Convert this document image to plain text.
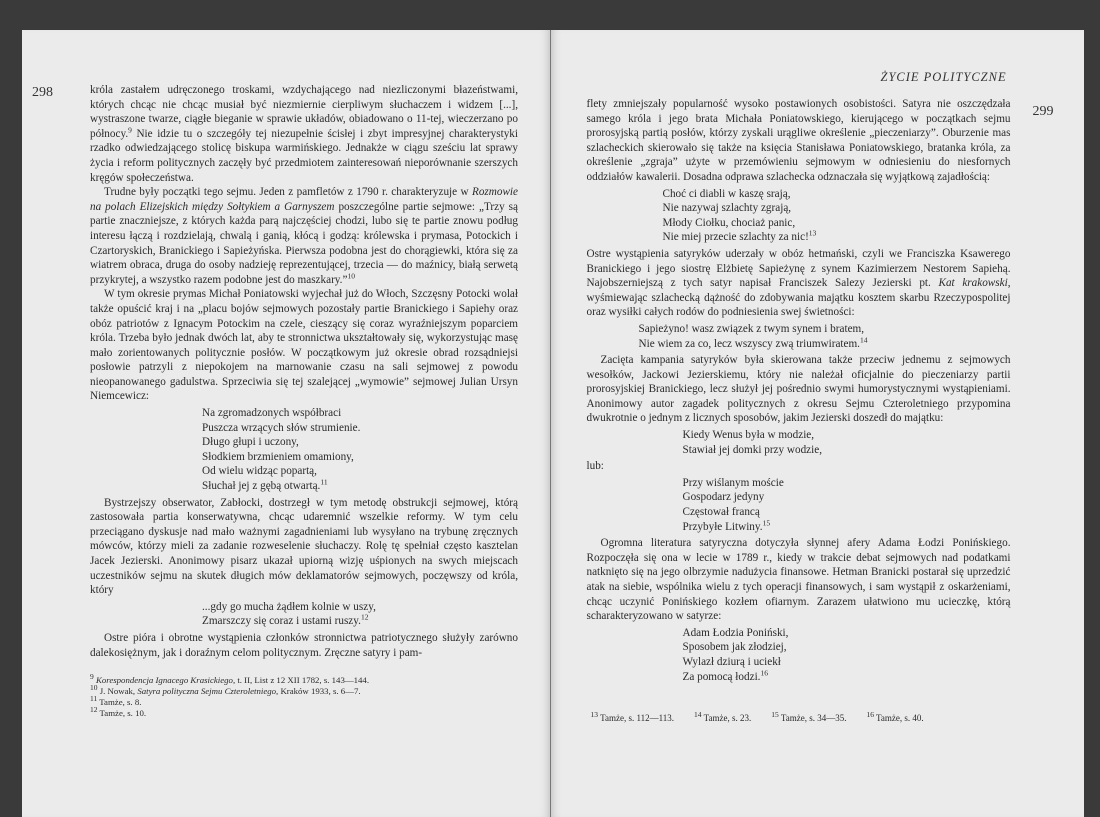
298	króla zastałem udręczonego troskami, wzdychającego nad niezliczonymi błazeństwami, których chcąc nie chcąc musiał być niezmiernie cierpliwym słuchaczem i widzem [...], wystraszone twarze, ciągłe bieganie w sprawie układów, obiadowano o 11-tej, wieczerzano po północy.$^9$ Nie idzie tu o szczegóły tej niezupełnie ścisłej i zbyt impresyjnej charakterystyki rzadko odwiedzającego stolicę biskupa warmińskiego. Jednakże w ciągu sześciu lat sprawy życia i reform politycznych zaczęły być przedmiotem zainteresowań nieporównanie szerszych kręgów społeczeństwa.

Trudne były początki tego sejmu. Jeden z pamfletów z 1790 r. charakteryzuje w Rozmowie na polach Elizejskich między Sołtykiem a Garnyszem poszczególne partie sejmowe: „Trzy są partie znaczniejsze, z których każda parą najczęściej chodzi, lubo się te partie znowu podług interesu łączą i rozdzielają, chwalą i ganią, kłócą i godzą: królewska i prymasa, Potockich i Czartoryskich, Branickiego i Sapieżyńska. Pierwsza podobna jest do chorągiewki, która się za wiatrem obraca, druga do osoby nadzieję reprezentującej, trzecia — do maźnicy, białą serwetą przykrytej, a wszystko razem podobne jest do maszkary.”$^{10}$

W tym okresie prymas Michał Poniatowski wyjechał już do Włoch, Szczęsny Potocki wolał także opuścić kraj i na „placu bojów sejmowych pozostały partie Branickiego i Sapiehy oraz obóz patriotów z Ignacym Potockim na czele, cieszący się coraz wyraźniejszym poparciem króla. Trzeba było jednak dwóch lat, aby te stronnictwa ukształtowały się, wykorzystując masę mało zorientowanych politycznie posłów. W początkowym już okresie obrad rozsądniejsi posłowie patrzyli z niepokojem na marnowanie czasu na sali sejmowej z powodu nieopanowanego gadulstwa. Sprzeciwia się tej szalejącej „wymowie” sejmowej Julian Ursyn Niemcewicz:

Na zgromadzonych współbraci
Puszcza wrzących słów strumienie.
Długo głupi i uczony,
Słodkiem brzmieniem omamiony,
Od wielu widząc popartą,
Słuchał jej z gębą otwartą.$^{11}$

Bystrzejszy obserwator, Zabłocki, dostrzegł w tym metodę obstrukcji sejmowej, którą zastosowała partia konserwatywna, chcąc udaremnić wszelkie reformy. W tym celu przeciągano dyskusje nad mało ważnymi zagadnieniami lub wysyłano na trybunę zręcznych mówców, którzy mieli za zadanie rozweselenie słuchaczy. Rolę tę spełniał często kasztelan Jacek Jezierski. Anonimowy pisarz ukazał upiorną wizję uśpionych na swych miejscach uczestników sejmu na skutek długich mów deklamatorów sejmowych, poczęwszy od króla, który

...gdy go mucha żądłem kolnie w uszy,
Zmarszczy się coraz i ustami ruszy.$^{12}$

Ostre pióra i obrotne wystąpienia członków stronnictwa patriotycznego służyły zarówno dalekosiężnym, jak i doraźnym celom politycznym. Zręczne satyry i pam-

9 Korespondencja Ignacego Krasickiego, t. II, List z 12 XII 1782, s. 143—144.
10 J. Nowak, Satyra polityczna Sejmu Czteroletniego, Kraków 1933, s. 6—7.
11 Tamże, s. 8.
12 Tamże, s. 10.
ŻYCIE POLITYCZNE
299

flety zmniejszały popularność wysoko postawionych osobistości. Satyra nie oszczędzała samego króla i jego brata Michała Poniatowskiego, kierującego w początkach sejmu prorosyjską partią posłów, którzy zyskali urągliwe określenie „pieczeniarzy”. Oburzenie mas szlacheckich skierowało się także na księcia Stanisława Poniatowskiego, bratanka króla, za określenie „zgraja” użyte w przemówieniu sejmowym w odniesieniu do niesfornych oddziałów kawalerii. Dosadna odprawa szlachecka odznaczała się wyjątkową zajadłością:

Choć ci diabli w kaszę srają,
Nie nazywaj szlachty zgrają,
Młody Ciołku, chociaż panic,
Nie miej przecie szlachty za nic!$^{13}$

Ostre wystąpienia satyryków uderzały w obóz hetmański, czyli we Franciszka Ksawerego Branickiego i jego siostrę Elżbietę Sapieżynę z synem Kazimierzem Nestorem Sapiehą. Najobszerniejszą z tych satyr napisał Franciszek Salezy Jezierski pt. Kat krakowski, wyśmiewając szlachecką dążność do zdobywania majątku kosztem skarbu Rzeczypospolitej oraz wysiłki całych rodów do podniesienia swej świetności:

Sapieżyno! wasz związek z twym synem i bratem,
Nie wiem za co, lecz wszyscy zwą triumwiratem.$^{14}$

Zacięta kampania satyryków była skierowana także przeciw jednemu z sejmowych wesołków, Jackowi Jezierskiemu, który nie należał oficjalnie do pieczeniarzy partii prorosyjskiej Branickiego, lecz służył jej pośrednio swymi humorystycznymi wystąpieniami. Anonimowy autor zagadek politycznych z okresu Sejmu Czteroletniego przypomina dwukrotnie o jednym z licznych sposobów, jakim Jezierski doszedł do majątku:

Kiedy Wenus była w modzie,
Stawiał jej domki przy wodzie,

lub:

Przy wiślanym moście
Gospodarz jedyny
Częstował francą
Przybyłe Litwiny.$^{15}$

Ogromna literatura satyryczna dotyczyła słynnej afery Adama Łodzi Ponińskiego. Rozpoczęła się ona w lecie w 1789 r., kiedy w trakcie debat sejmowych nad podatkami natknięto się na jego olbrzymie nadużycia finansowe. Hetman Branicki postarał się uprzedzić atak na siebie, wspólnika wielu z tych operacji finansowych, i sam wystąpił z oskarżeniami, chcąc uczynić Ponińskiego kozłem ofiarnym. Zarazem ułatwiono mu ucieczkę, którą scharakteryzowano w satyrze:

Adam Łodzia Poniński,
Sposobem jak złodziej,
Wylazł dziurą i uciekł
Za pomocą łodzi.$^{16}$
$^{13}$ Tamże, s. 112—113.	$^{14}$ Tamże, s. 23.	$^{15}$ Tamże, s. 34—35.	$^{16}$ Tamże, s. 40.
